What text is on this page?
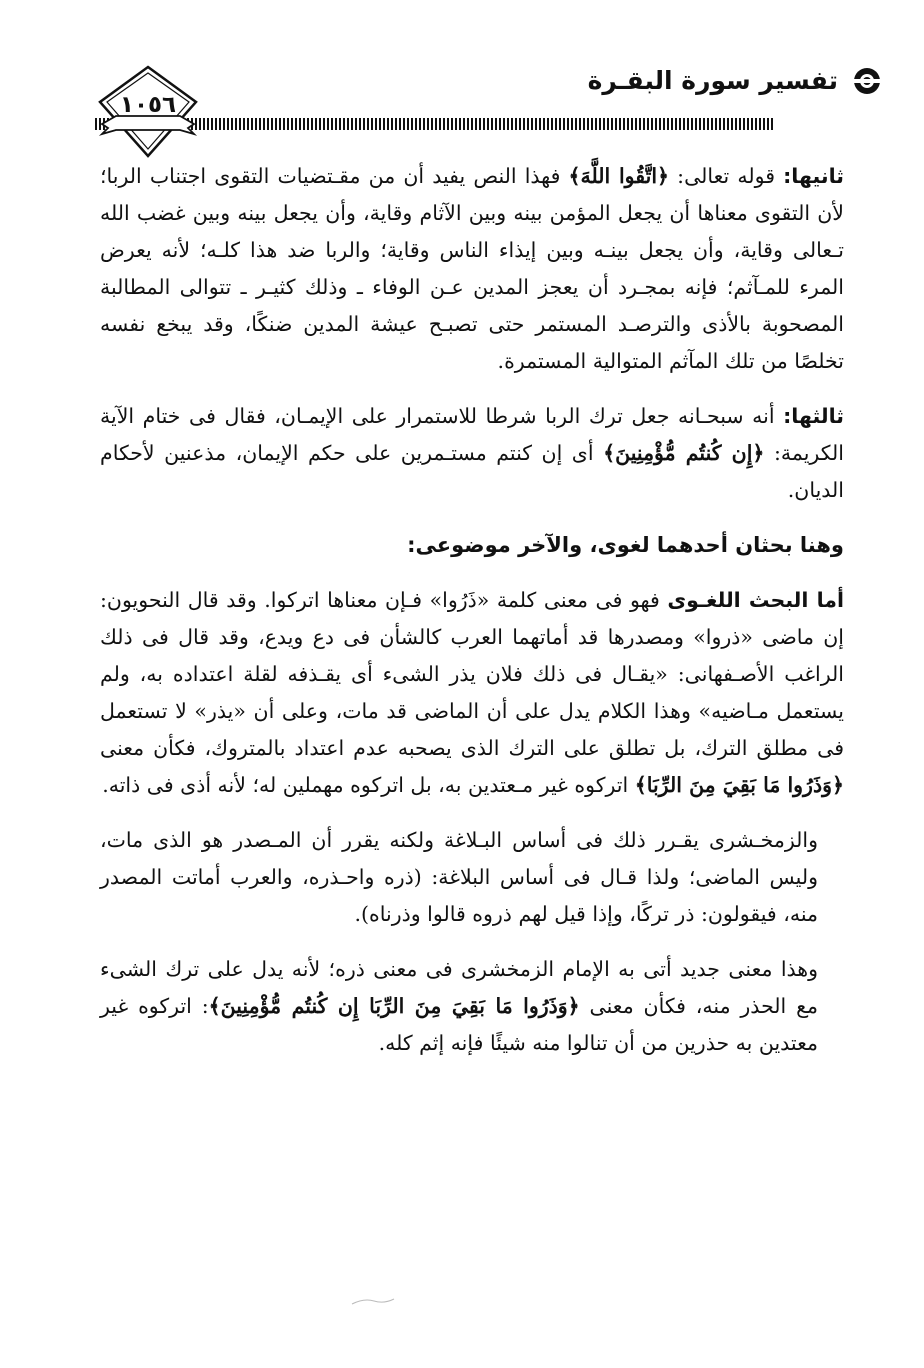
تفسير سورة البقـرة
١٠٥٦

ثانيها: قوله تعالى: ﴿اتَّقُوا اللَّهَ﴾ فهذا النص يفيد أن من مقـتضيات التقوى اجتناب الربا؛ لأن التقوى معناها أن يجعل المؤمن بينه وبين الآثام وقاية، وأن يجعل بينه وبين غضب الله تـعالى وقاية، وأن يجعل بينـه وبين إيذاء الناس وقاية؛ والربا ضد هذا كلـه؛ لأنه يعرض المرء للمـآثم؛ فإنه بمجـرد أن يعجز المدين عـن الوفاء ـ وذلك كثيـر ـ تتوالى المطالبة المصحوبة بالأذى والترصـد المستمر حتى تصبـح عيشة المدين ضنكًا، وقد يبخع نفسه تخلصًا من تلك المآثم المتوالية المستمرة.

ثالثها: أنه سبحـانه جعل ترك الربا شرطا للاستمرار على الإيمـان، فقال فى ختام الآية الكريمة: ﴿إِن كُنتُم مُّؤْمِنِينَ﴾ أى إن كنتم مستـمرين على حكم الإيمان، مذعنين لأحكام الديان.

وهنا بحثان أحدهما لغوى، والآخر موضوعى:

أما البحث اللغـوى فهو فى معنى كلمة «ذَرُوا» فـإن معناها اتركوا. وقد قال النحويون: إن ماضى «ذروا» ومصدرها قد أماتهما العرب كالشأن فى دع ويدع، وقد قال فى ذلك الراغب الأصـفهانى: «يقـال فى ذلك فلان يذر الشىء أى يقـذفه لقلة اعتداده به، ولم يستعمل مـاضيه» وهذا الكلام يدل على أن الماضى قد مات، وعلى أن «يذر» لا تستعمل فى مطلق الترك، بل تطلق على الترك الذى يصحبه عدم اعتداد بالمتروك، فكأن معنى ﴿وَذَرُوا مَا بَقِيَ مِنَ الرِّبَا﴾ اتركوه غير مـعتدين به، بل اتركوه مهملين له؛ لأنه أذى فى ذاته.

والزمخـشرى يقـرر ذلك فى أساس البـلاغة ولكنه يقرر أن المـصدر هو الذى مات، وليس الماضى؛ ولذا قـال فى أساس البلاغة: (ذره واحـذره، والعرب أماتت المصدر منه، فيقولون: ذر تركًا، وإذا قيل لهم ذروه قالوا وذرناه).

وهذا معنى جديد أتى به الإمام الزمخشرى فى معنى ذره؛ لأنه يدل على ترك الشىء مع الحذر منه، فكأن معنى ﴿وَذَرُوا مَا بَقِيَ مِنَ الرِّبَا إِن كُنتُم مُّؤْمِنِينَ﴾: اتركوه غير معتدين به حذرين من أن تنالوا منه شيئًا فإنه إثم كله.
